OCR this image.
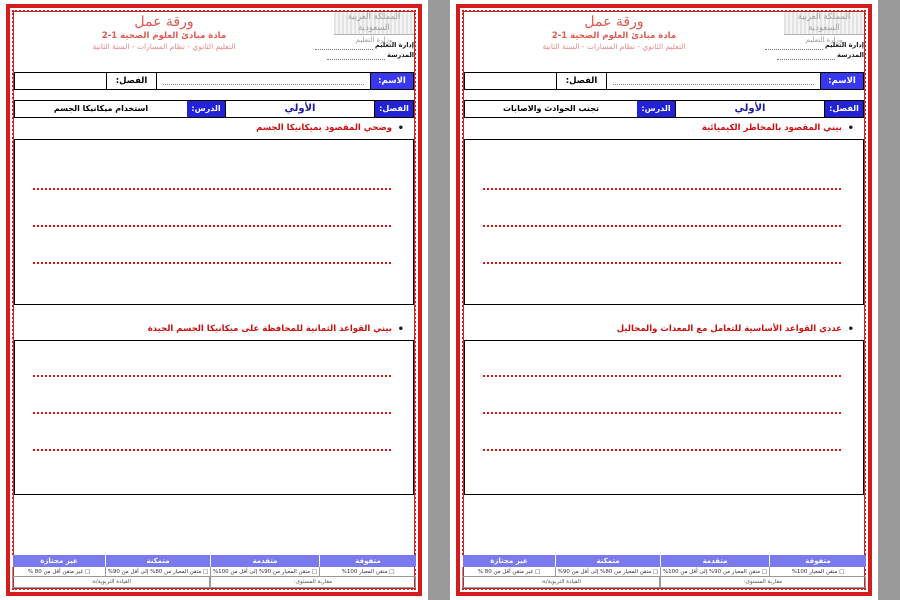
المملكة العربية السعودية
وزارة التعليم
إدارة التعليم
المدرسة
ورقة عمل
مادة مبادئ العلوم الصحية 1-2
التعليم الثانوي - نظام المسارات - السنة الثانية
الاسم:
الفصل:
الفصل:
الأولي
الدرس:
استخدام ميكانيكا الجسم
• وضحي المقصود بميكانيكا الجسم
• بيني القواعد الثمانية للمحافظة على ميكانيكا الجسم الجيدة
متفوقة
متقدمة
متمكنة
غير مجتازة
□ متقن المعيار 100%
□ متقن المعيار من 90% إلى أقل من 100%
□ متقن المعيار من 80% إلى أقل من 90%
□ غير متقن أقل من 80 %
مقاربة المستوى:
القيادة التربوية/ة:
المملكة العربية السعودية
وزارة التعليم
إدارة التعليم
المدرسة
ورقة عمل
مادة مبادئ العلوم الصحية 1-2
التعليم الثانوي - نظام المسارات - السنة الثانية
الاسم:
الفصل:
الفصل:
الأولي
الدرس:
تجنب الحوادث والاصابات
• بيني المقصود بالمخاطر الكيميائية
• عددي القواعد الأساسية للتعامل مع المعدات والمحاليل
متفوقة
متقدمة
متمكنة
غير مجتازة
□ متقن المعيار 100%
□ متقن المعيار من 90% إلى أقل من 100%
□ متقن المعيار من 80% إلى أقل من 90%
□ غير متقن أقل من 80 %
مقاربة المستوى:
القيادة التربوية/ة:
